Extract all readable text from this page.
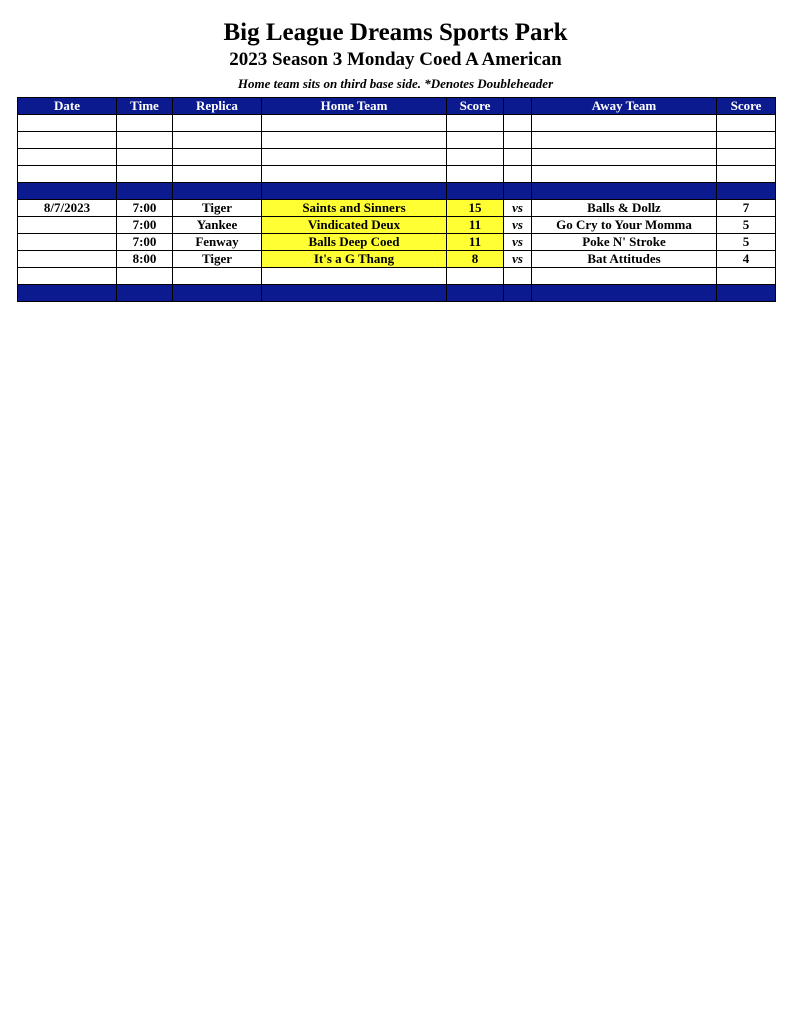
Big League Dreams Sports Park
2023 Season 3 Monday Coed A American
Home team sits on third base side. *Denotes Doubleheader
Date	Time	Replica	Home Team	Score		Away Team	Score

8/7/2023	7:00	Tiger	Saints and Sinners	15	vs	Balls & Dollz	7
	7:00	Yankee	Vindicated Deux	11	vs	Go Cry to Your Momma	5
	7:00	Fenway	Balls Deep Coed	11	vs	Poke N' Stroke	5
	8:00	Tiger	It's a G Thang	8	vs	Bat Attitudes	4
